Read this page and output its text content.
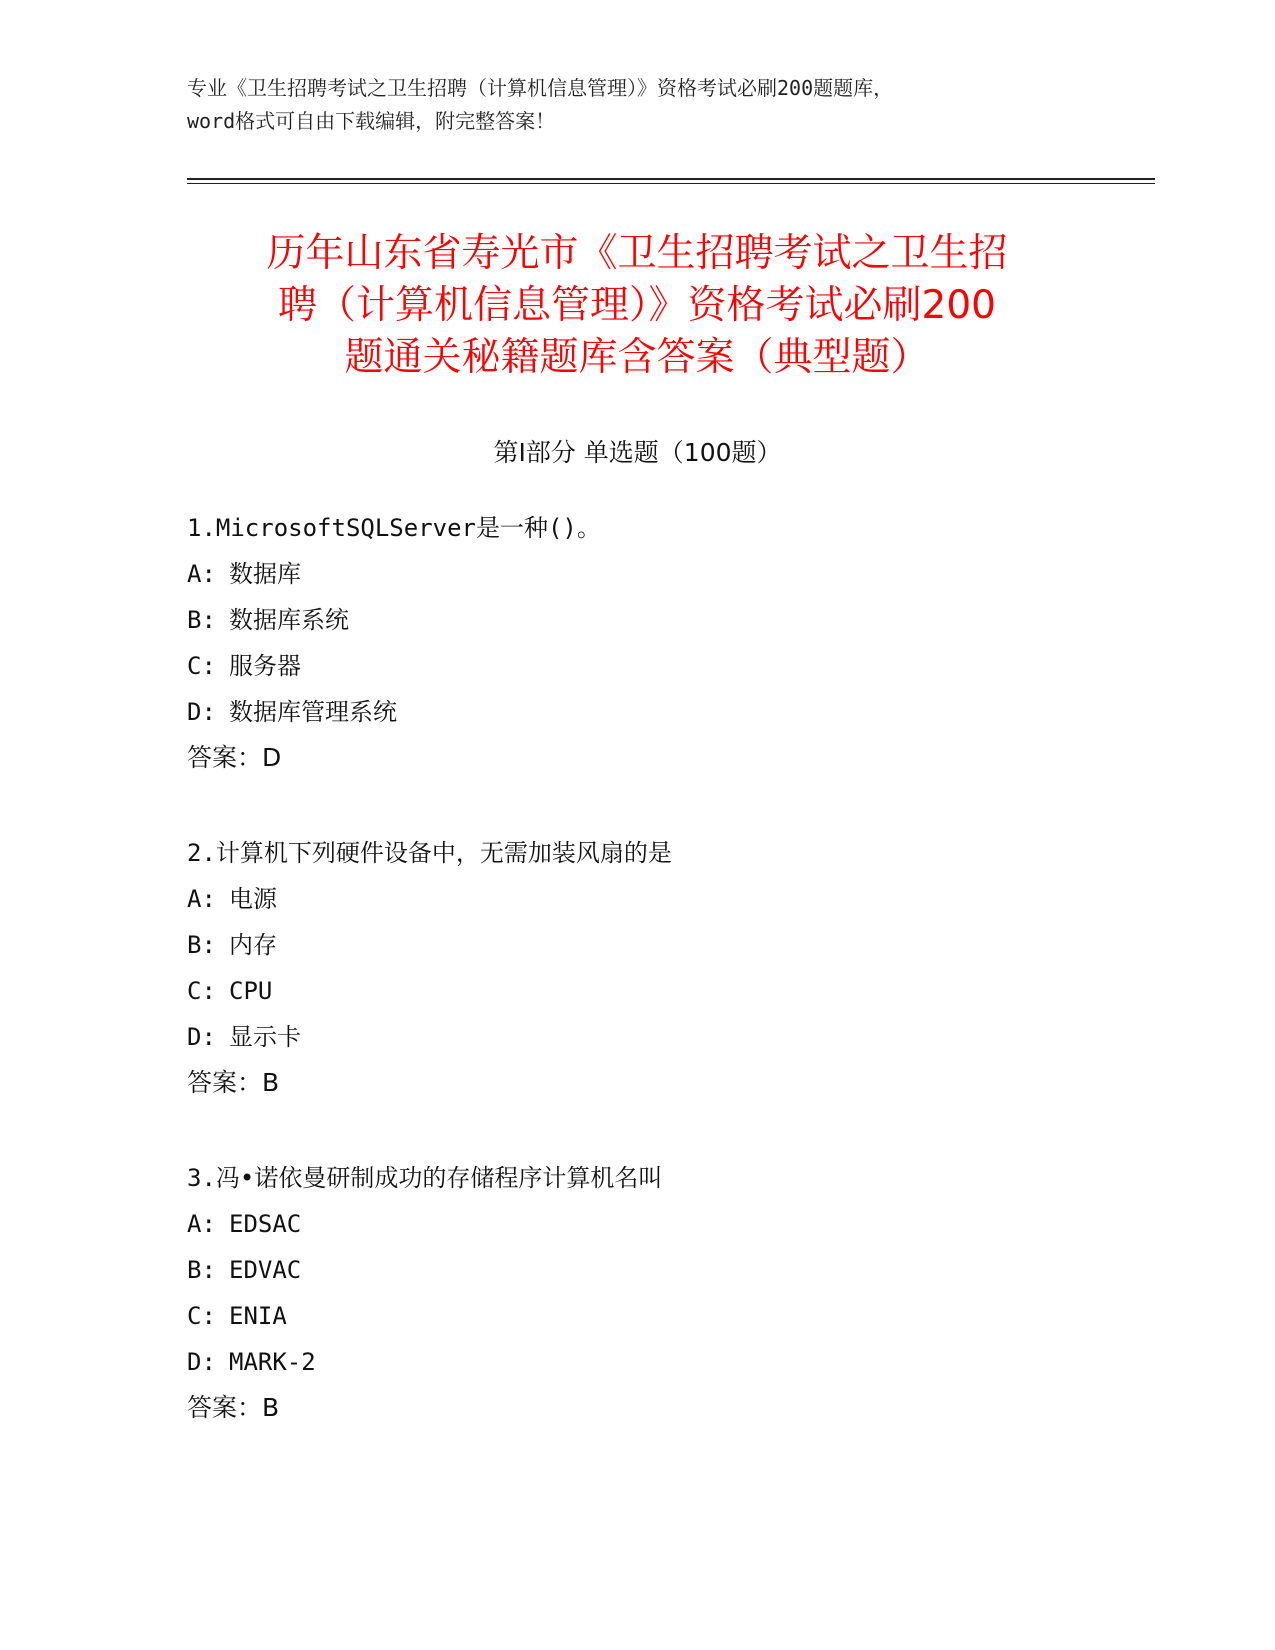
专业《卫生招聘考试之卫生招聘（计算机信息管理）》资格考试必刷200题题库，
word格式可自由下载编辑，附完整答案！
历年山东省寿光市《卫生招聘考试之卫生招
聘（计算机信息管理）》资格考试必刷200
题通关秘籍题库含答案（典型题）
第Ⅰ部分 单选题（100题）
1.MicrosoftSQLServer是一种()。
A: 数据库
B: 数据库系统
C: 服务器
D: 数据库管理系统
答案：D
2.计算机下列硬件设备中，无需加装风扇的是
A: 电源
B: 内存
C: CPU
D: 显示卡
答案：B
3.冯•诺依曼研制成功的存储程序计算机名叫
A: EDSAC
B: EDVAC
C: ENIA
D: MARK-2
答案：B
